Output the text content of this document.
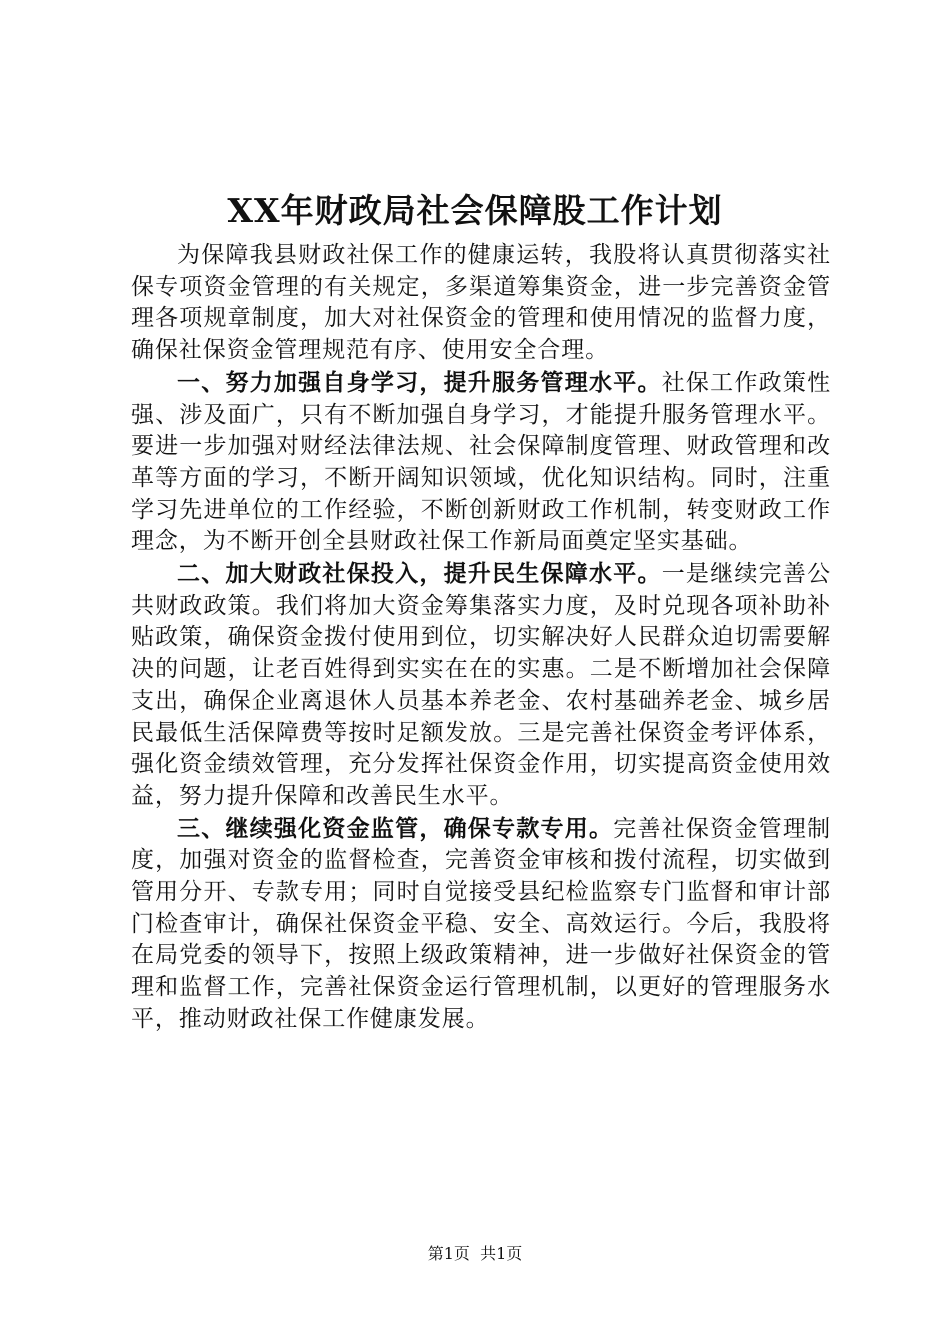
XX年财政局社会保障股工作计划

为保障我县财政社保工作的健康运转，我股将认真贯彻落实社保专项资金管理的有关规定，多渠道筹集资金，进一步完善资金管理各项规章制度，加大对社保资金的管理和使用情况的监督力度，确保社保资金管理规范有序、使用安全合理。

一、努力加强自身学习，提升服务管理水平。社保工作政策性强、涉及面广，只有不断加强自身学习，才能提升服务管理水平。要进一步加强对财经法律法规、社会保障制度管理、财政管理和改革等方面的学习，不断开阔知识领域，优化知识结构。同时，注重学习先进单位的工作经验，不断创新财政工作机制，转变财政工作理念，为不断开创全县财政社保工作新局面奠定坚实基础。

二、加大财政社保投入，提升民生保障水平。一是继续完善公共财政政策。我们将加大资金筹集落实力度，及时兑现各项补助补贴政策，确保资金拨付使用到位，切实解决好人民群众迫切需要解决的问题，让老百姓得到实实在在的实惠。二是不断增加社会保障支出，确保企业离退休人员基本养老金、农村基础养老金、城乡居民最低生活保障费等按时足额发放。三是完善社保资金考评体系，强化资金绩效管理，充分发挥社保资金作用，切实提高资金使用效益，努力提升保障和改善民生水平。

三、继续强化资金监管，确保专款专用。完善社保资金管理制度，加强对资金的监督检查，完善资金审核和拨付流程，切实做到管用分开、专款专用；同时自觉接受县纪检监察专门监督和审计部门检查审计，确保社保资金平稳、安全、高效运行。今后，我股将在局党委的领导下，按照上级政策精神，进一步做好社保资金的管理和监督工作，完善社保资金运行管理机制，以更好的管理服务水平，推动财政社保工作健康发展。

第1页 共1页
